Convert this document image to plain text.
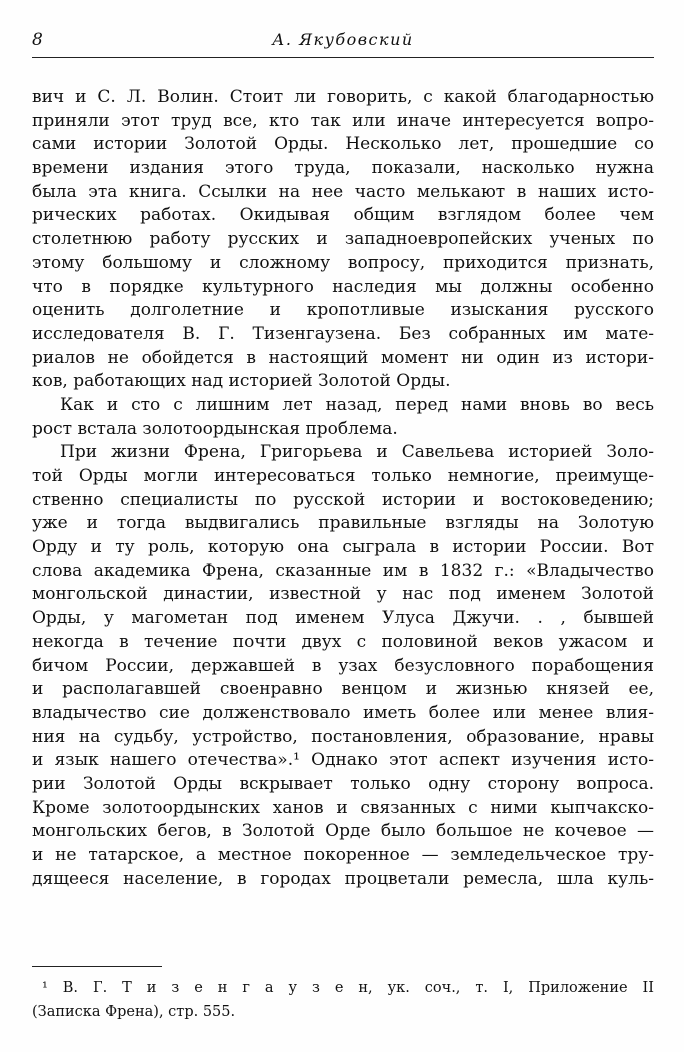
8	А. Якубовский
вич и С. Л. Волин. Стоит ли говорить, с какой благодарностью
приняли этот труд все, кто так или иначе интересуется вопро-
сами истории Золотой Орды. Несколько лет, прошедшие со
времени издания этого труда, показали, насколько нужна
была эта книга. Ссылки на нее часто мелькают в наших исто-
рических работах. Окидывая общим взглядом более чем
столетнюю работу русских и западноевропейских ученых по
этому большому и сложному вопросу, приходится признать,
что в порядке культурного наследия мы должны особенно
оценить долголетние и кропотливые изыскания русского
исследователя В. Г. Тизенгаузена. Без собранных им мате-
риалов не обойдется в настоящий момент ни один из истори-
ков, работающих над историей Золотой Орды.
Как и сто с лишним лет назад, перед нами вновь во весь
рост встала золотоордынская проблема.
При жизни Френа, Григорьева и Савельева историей Золо-
той Орды могли интересоваться только немногие, преимуще-
ственно специалисты по русской истории и востоковедению;
уже и тогда выдвигались правильные взгляды на Золотую
Орду и ту роль, которую она сыграла в истории России. Вот
слова академика Френа, сказанные им в 1832 г.: «Владычество
монгольской династии, известной у нас под именем Золотой
Орды, у магометан под именем Улуса Джучи. . , бывшей
некогда в течение почти двух с половиной веков ужасом и
бичом России, державшей в узах безусловного порабощения
и располагавшей своенравно венцом и жизнью князей ее,
владычество сие долженствовало иметь более или менее влия-
ния на судьбу, устройство, постановления, образование, нравы
и язык нашего отечества».¹ Однако этот аспект изучения исто-
рии Золотой Орды вскрывает только одну сторону вопроса.
Кроме золотоордынских ханов и связанных с ними кыпчакско-
монгольских бегов, в Золотой Орде было большое не кочевое —
и не татарское, а местное покоренное — земледельческое тру-
дящееся население, в городах процветали ремесла, шла куль-
¹ В. Г. Т и з е н г а у з е н, ук. соч., т. I, Приложение II
(Записка Френа), стр. 555.
